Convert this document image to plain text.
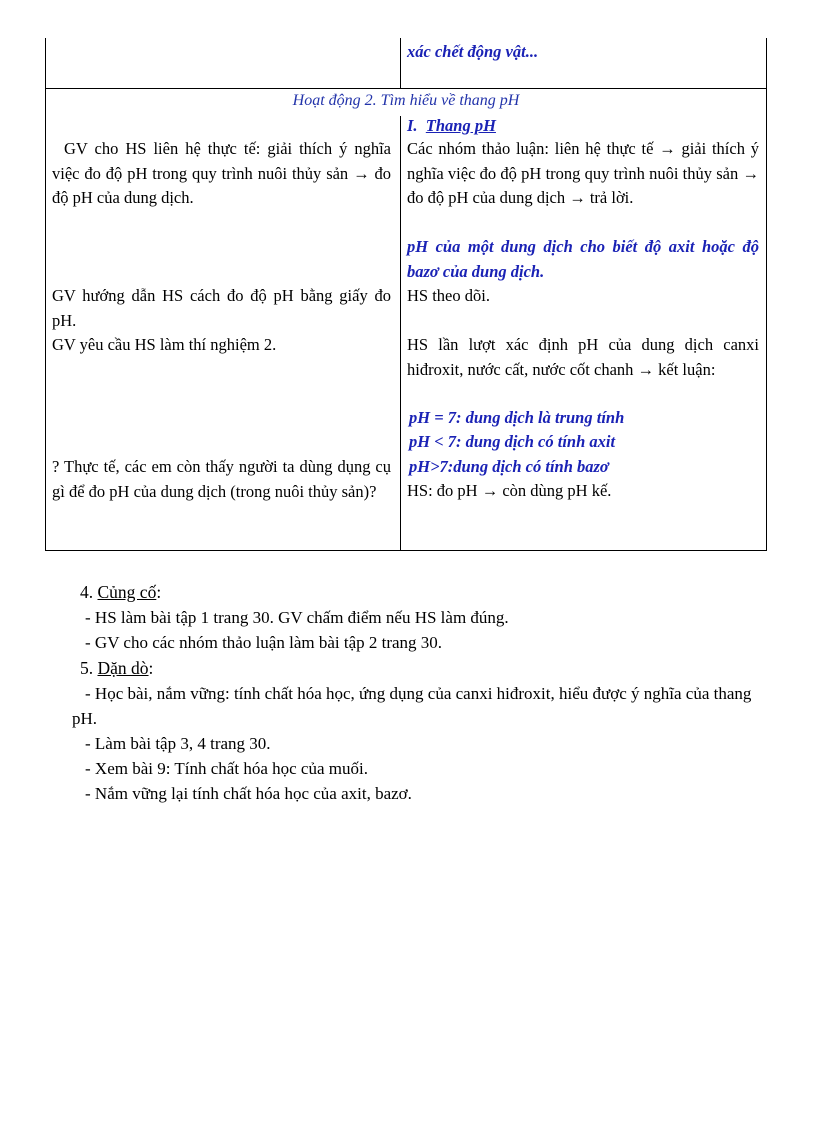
xác chết động vật...
Hoạt động 2. Tìm hiểu về thang pH
GV cho HS liên hệ thực tế: giải thích ý nghĩa việc đo độ pH trong quy trình nuôi thủy sản → đo độ pH của dung dịch.
GV hướng dẫn HS cách đo độ pH bằng giấy đo pH.
GV yêu cầu HS làm thí nghiệm 2.
? Thực tế, các em còn thấy người ta dùng dụng cụ gì để đo pH của dung dịch (trong nuôi thủy sản)?
I. Thang pH
Các nhóm thảo luận: liên hệ thực tế → giải thích ý nghĩa việc đo độ pH trong quy trình nuôi thủy sản → đo độ pH của dung dịch → trả lời.
pH của một dung dịch cho biết độ axit hoặc độ bazơ của dung dịch.
HS theo dõi.
HS lần lượt xác định pH của dung dịch canxi hiđroxit, nước cất, nước cốt chanh → kết luận:
pH = 7: dung dịch là trung tính
pH < 7: dung dịch có tính axit
pH>7:dung dịch có tính bazơ
HS: đo pH → còn dùng pH kế.
4. Củng cố:
- HS làm bài tập 1 trang 30. GV chấm điểm nếu HS làm đúng.
- GV cho các nhóm thảo luận làm bài tập 2 trang 30.
5. Dặn dò:
- Học bài, nắm vững: tính chất hóa học, ứng dụng của canxi hiđroxit, hiểu được ý nghĩa của thang pH.
- Làm bài tập 3, 4 trang 30.
- Xem bài 9: Tính chất hóa học của muối.
- Nắm vững lại tính chất hóa học của axit, bazơ.
